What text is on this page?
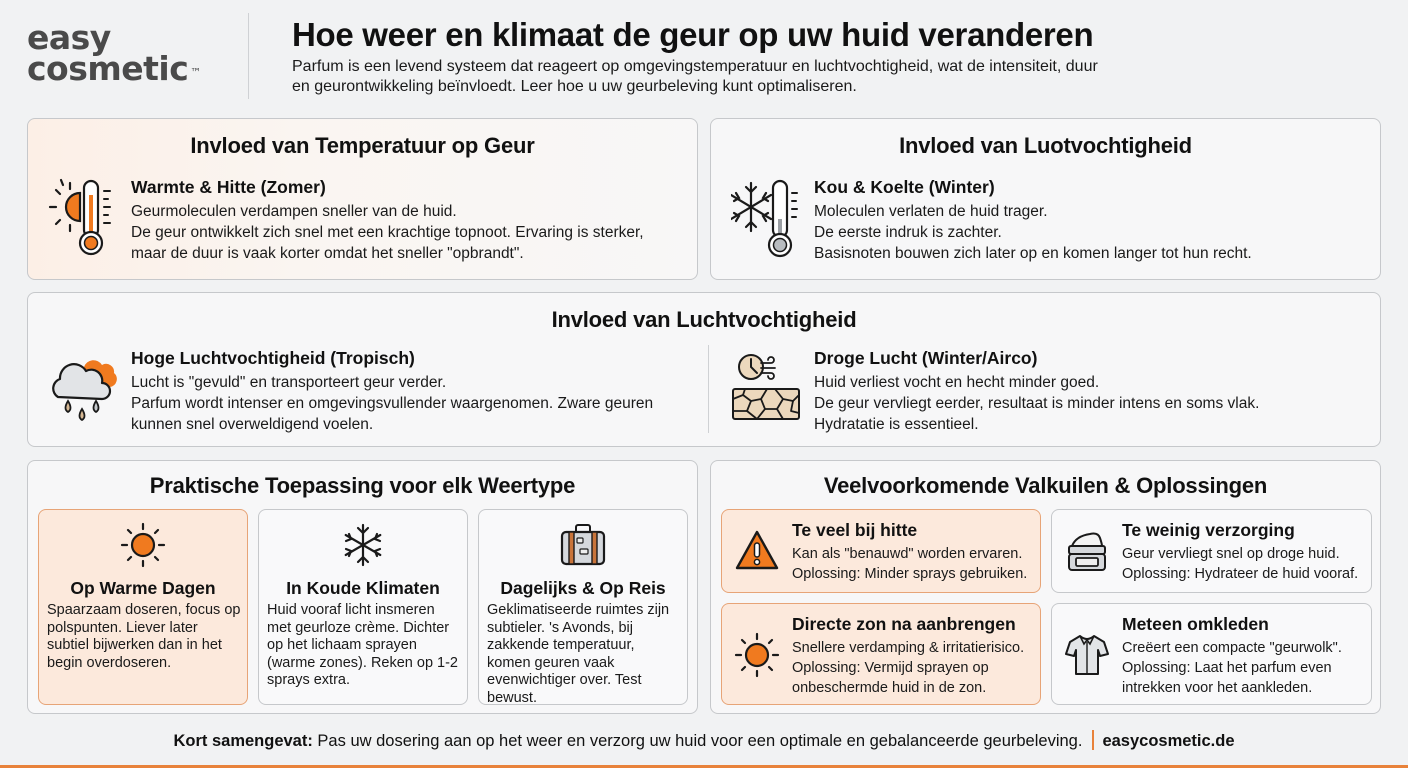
easy
cosmetic ™
Hoe weer en klimaat de geur op uw huid veranderen
Parfum is een levend systeem dat reageert op omgevingstemperatuur en luchtvochtigheid, wat de intensiteit, duur
en geurontwikkeling beïnvloedt. Leer hoe u uw geurbeleving kunt optimaliseren.
Invloed van Temperatuur op Geur
Warmte & Hitte (Zomer)
Geurmoleculen verdampen sneller van de huid.
De geur ontwikkelt zich snel met een krachtige topnoot. Ervaring is sterker,
maar de duur is vaak korter omdat het sneller "opbrandt".
Invloed van Luotvochtigheid
Kou & Koelte (Winter)
Moleculen verlaten de huid trager.
De eerste indruk is zachter.
Basisnoten bouwen zich later op en komen langer tot hun recht.
Invloed van Luchtvochtigheid
Hoge Luchtvochtigheid (Tropisch)
Lucht is "gevuld" en transporteert geur verder.
Parfum wordt intenser en omgevingsvullender waargenomen. Zware geuren
kunnen snel overweldigend voelen.
Droge Lucht (Winter/Airco)
Huid verliest vocht en hecht minder goed.
De geur vervliegt eerder, resultaat is minder intens en soms vlak.
Hydratatie is essentieel.
Praktische Toepassing voor elk Weertype
Op Warme Dagen
Spaarzaam doseren, focus op polspunten. Liever later subtiel bijwerken dan in het begin overdoseren.
In Koude Klimaten
Huid vooraf licht insmeren met geurloze crème. Dichter op het lichaam sprayen (warme zones). Reken op 1-2 sprays extra.
Dagelijks & Op Reis
Geklimatiseerde ruimtes zijn subtieler. 's Avonds, bij zakkende temperatuur, komen geuren vaak evenwichtiger over. Test bewust.
Veelvoorkomende Valkuilen & Oplossingen
Te veel bij hitte
Kan als "benauwd" worden ervaren.
Oplossing: Minder sprays gebruiken.
Te weinig verzorging
Geur vervliegt snel op droge huid.
Oplossing: Hydrateer de huid vooraf.
Directe zon na aanbrengen
Snellere verdamping & irritatierisico.
Oplossing: Vermijd sprayen op
onbeschermde huid in de zon.
Meteen omkleden
Creëert een compacte "geurwolk".
Oplossing: Laat het parfum even
intrekken voor het aankleden.
Kort samengevat: Pas uw dosering aan op het weer en verzorg uw huid voor een optimale en gebalanceerde geurbeleving. easycosmetic.de
